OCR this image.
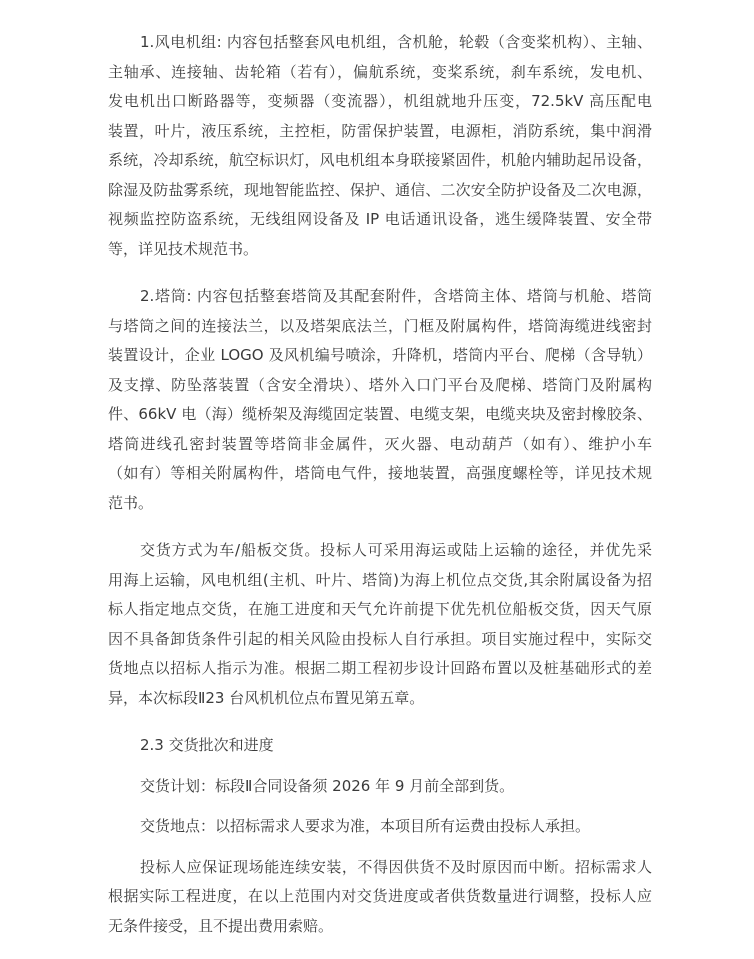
1.风电机组: 内容包括整套风电机组，含机舱，轮毂（含变桨机构）、主轴、
主轴承、连接轴、齿轮箱（若有），偏航系统，变桨系统，刹车系统，发电机、
发电机出口断路器等，变频器（变流器），机组就地升压变，72.5kV 高压配电
装置，叶片，液压系统，主控柜，防雷保护装置，电源柜，消防系统，集中润滑
系统，冷却系统，航空标识灯，风电机组本身联接紧固件，机舱内辅助起吊设备，
除湿及防盐雾系统，现地智能监控、保护、通信、二次安全防护设备及二次电源，
视频监控防盗系统，无线组网设备及 IP 电话通讯设备，逃生缓降装置、安全带
等，详见技术规范书。
2.塔筒: 内容包括整套塔筒及其配套附件，含塔筒主体、塔筒与机舱、塔筒
与塔筒之间的连接法兰，以及塔架底法兰，门框及附属构件，塔筒海缆进线密封
装置设计，企业 LOGO 及风机编号喷涂，升降机，塔筒内平台、爬梯（含导轨）
及支撑、防坠落装置（含安全滑块）、塔外入口门平台及爬梯、塔筒门及附属构
件、66kV 电（海）缆桥架及海缆固定装置、电缆支架，电缆夹块及密封橡胶条、
塔筒进线孔密封装置等塔筒非金属件，灭火器、电动葫芦（如有）、维护小车
（如有）等相关附属构件，塔筒电气件，接地装置，高强度螺栓等，详见技术规
范书。
交货方式为车/船板交货。投标人可采用海运或陆上运输的途径，并优先采
用海上运输，风电机组(主机、叶片、塔筒)为海上机位点交货,其余附属设备为招
标人指定地点交货，在施工进度和天气允许前提下优先机位船板交货，因天气原
因不具备卸货条件引起的相关风险由投标人自行承担。项目实施过程中，实际交
货地点以招标人指示为准。根据二期工程初步设计回路布置以及桩基础形式的差
异，本次标段Ⅱ23 台风机机位点布置见第五章。
2.3 交货批次和进度
交货计划：标段Ⅱ合同设备须 2026 年 9 月前全部到货。
交货地点：以招标需求人要求为准，本项目所有运费由投标人承担。
投标人应保证现场能连续安装，不得因供货不及时原因而中断。招标需求人
根据实际工程进度，在以上范围内对交货进度或者供货数量进行调整，投标人应
无条件接受，且不提出费用索赔。
